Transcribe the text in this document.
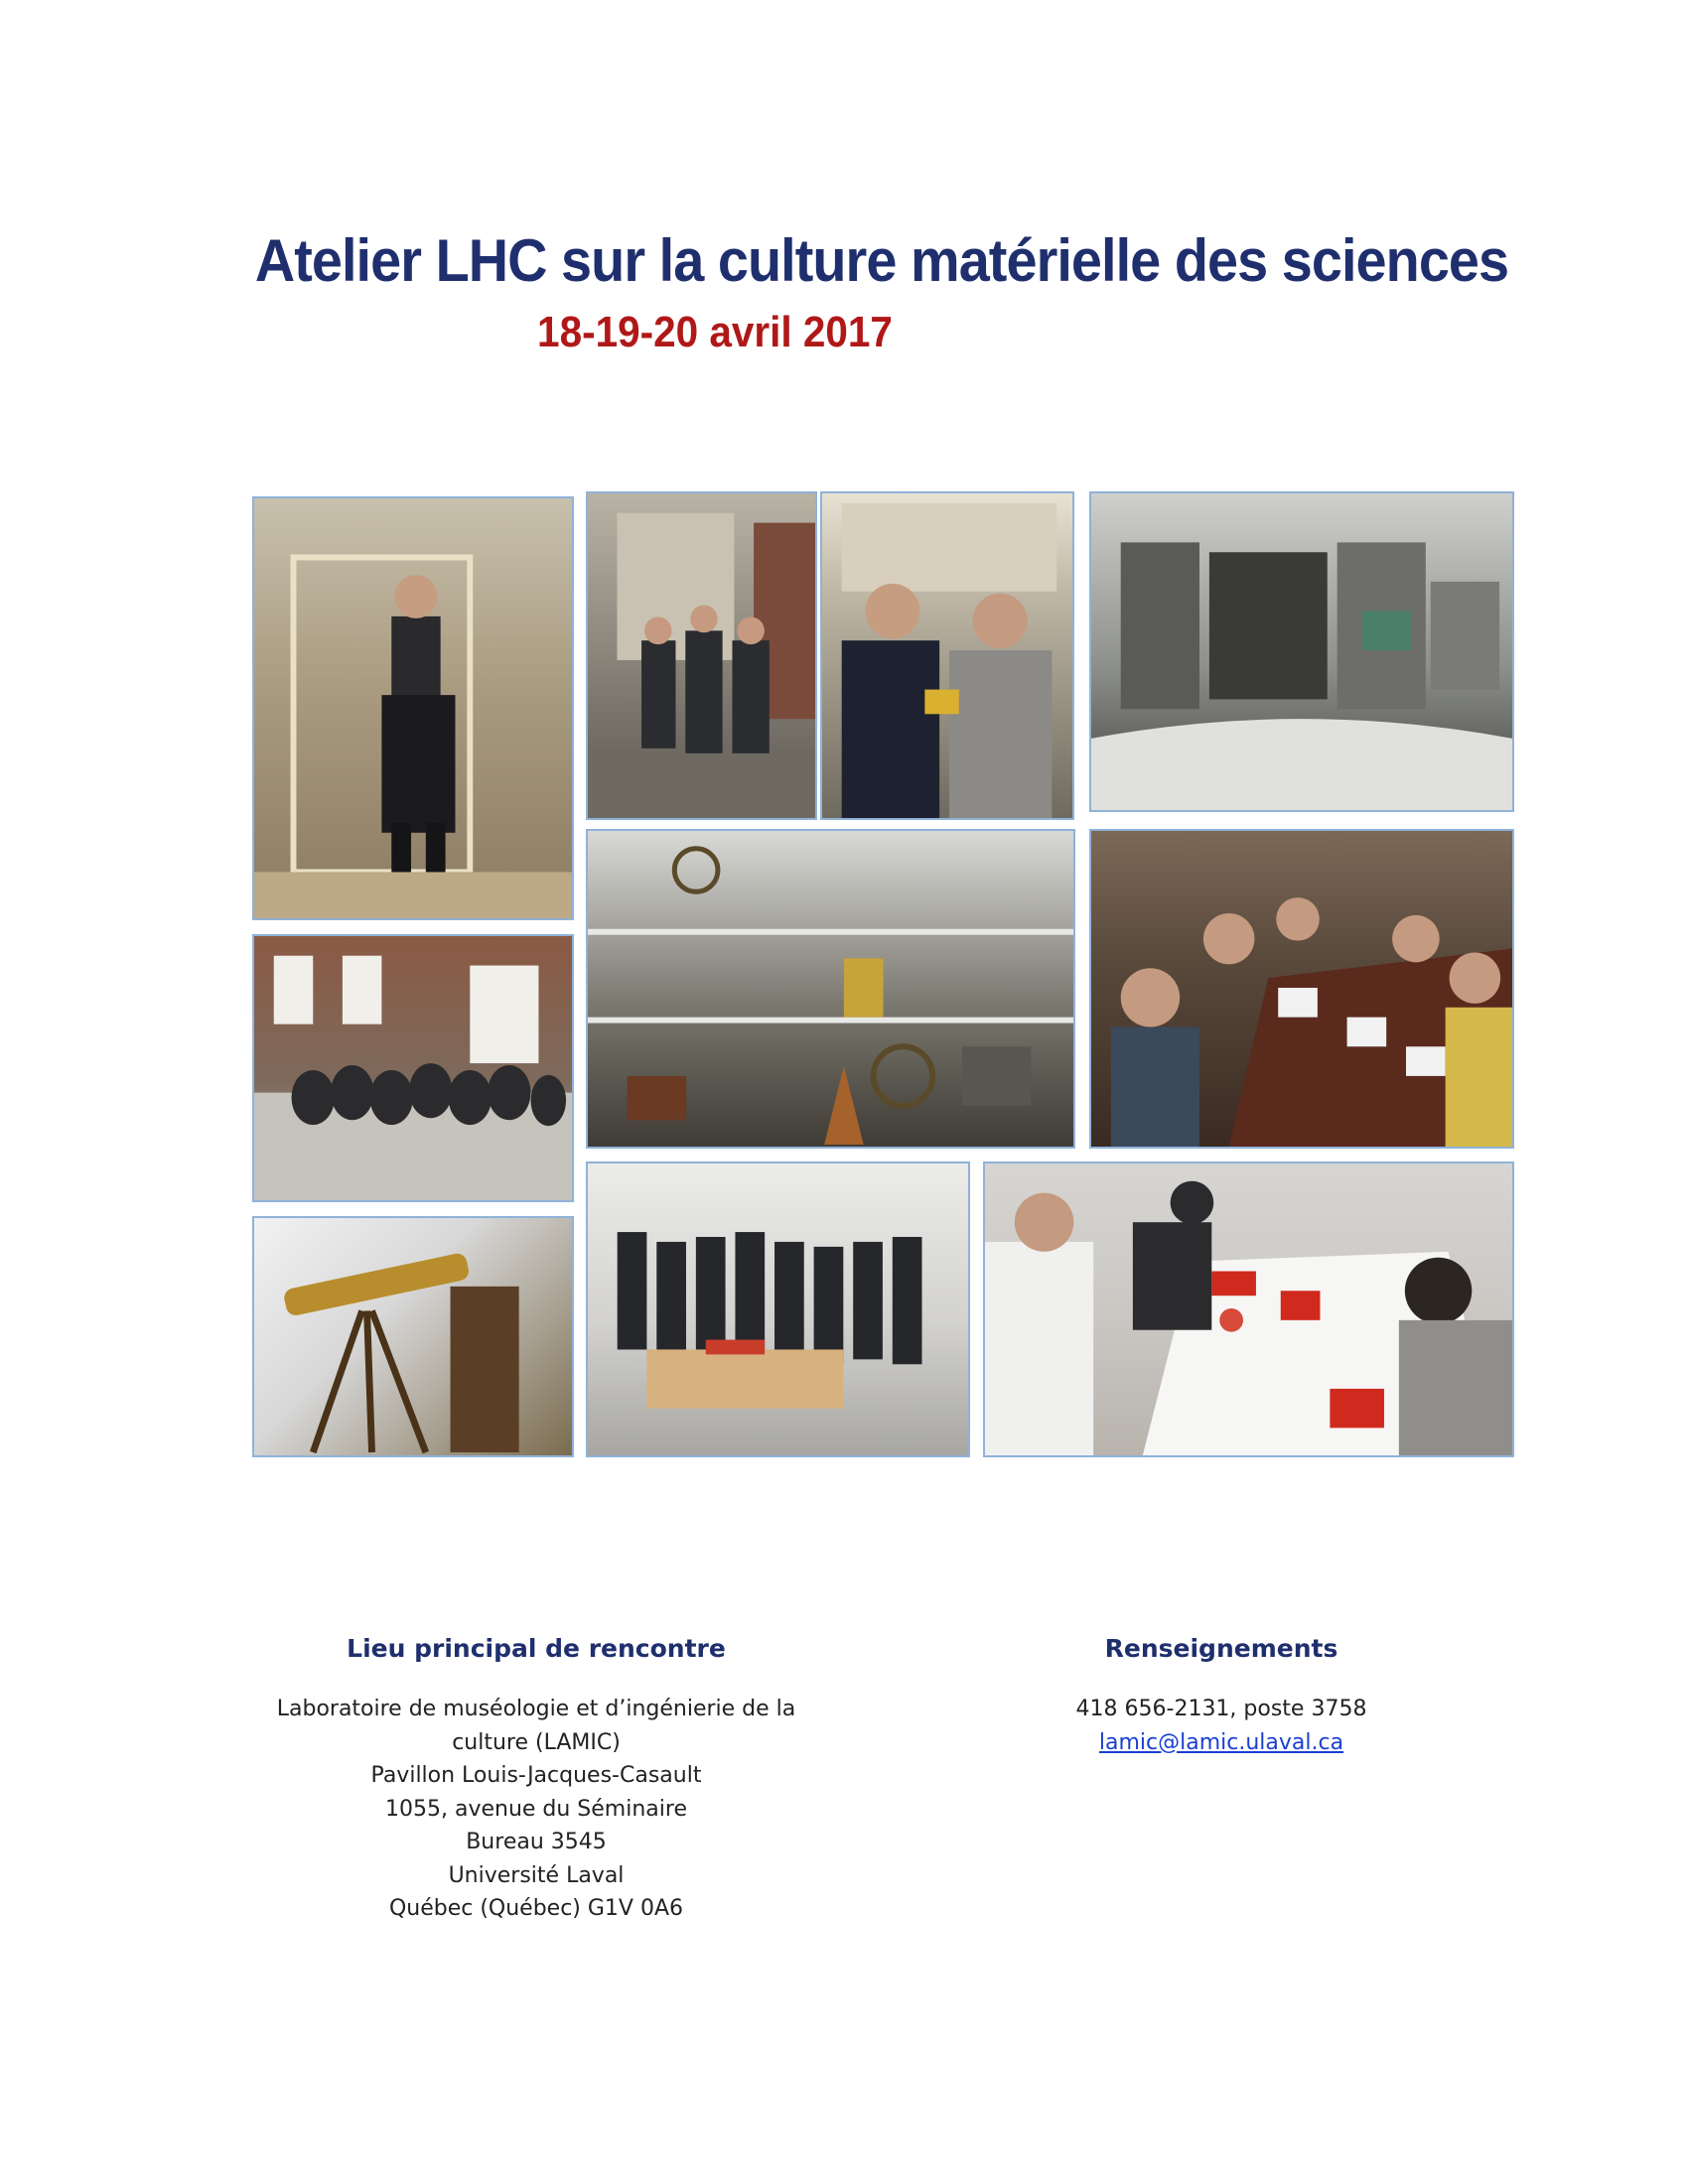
Atelier LHC sur la culture matérielle des sciences
18-19-20 avril 2017
Lieu principal de rencontre
Laboratoire de muséologie et d’ingénierie de la
culture (LAMIC)
Pavillon Louis-Jacques-Casault
1055, avenue du Séminaire
Bureau 3545
Université Laval
Québec (Québec) G1V 0A6
Renseignements
418 656-2131, poste 3758
lamic@lamic.ulaval.ca
